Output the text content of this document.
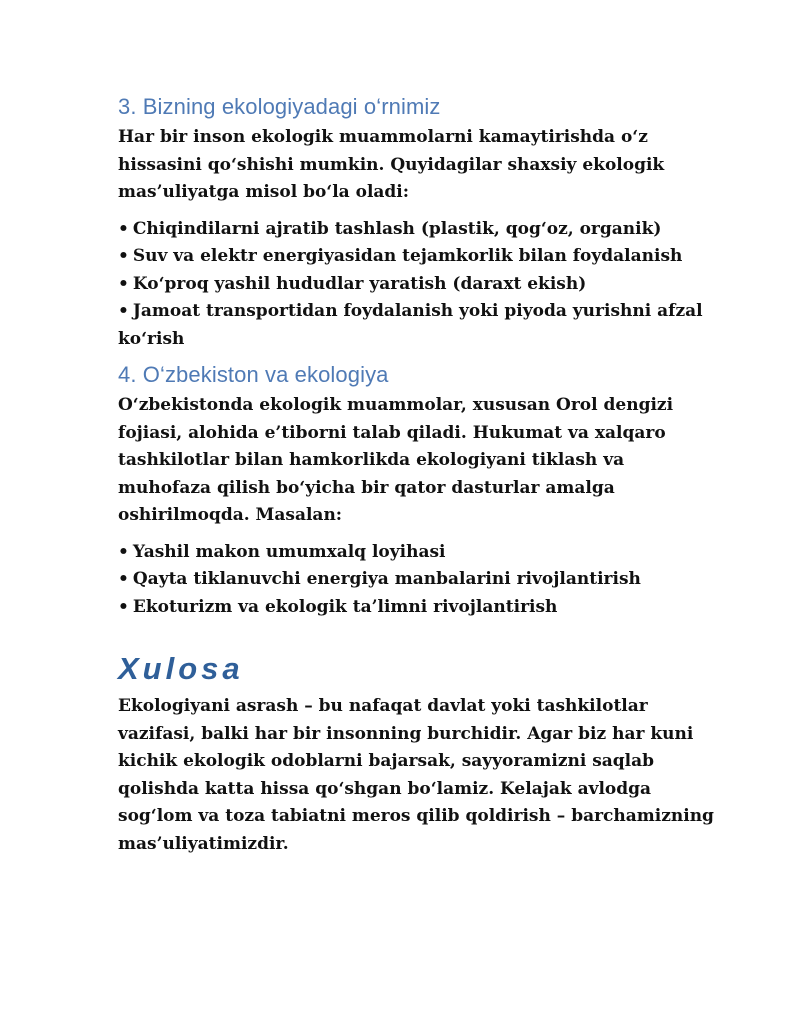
3. Bizning ekologiyadagi o‘rnimiz

Har bir inson ekologik muammolarni kamaytirishda o‘z hissasini qo‘shishi mumkin. Quyidagilar shaxsiy ekologik mas’uliyatga misol bo‘la oladi:

• Chiqindilarni ajratib tashlash (plastik, qog‘oz, organik)
• Suv va elektr energiyasidan tejamkorlik bilan foydalanish
• Ko‘proq yashil hududlar yaratish (daraxt ekish)
• Jamoat transportidan foydalanish yoki piyoda yurishni afzal ko‘rish
4. O‘zbekiston va ekologiya

O‘zbekistonda ekologik muammolar, xususan Orol dengizi fojiasi, alohida e’tiborni talab qiladi. Hukumat va xalqaro tashkilotlar bilan hamkorlikda ekologiyani tiklash va muhofaza qilish bo‘yicha bir qator dasturlar amalga oshirilmoqda. Masalan:

• Yashil makon umumxalq loyihasi
• Qayta tiklanuvchi energiya manbalarini rivojlantirish
• Ekoturizm va ekologik ta’limni rivojlantirish
Xulosa

Ekologiyani asrash – bu nafaqat davlat yoki tashkilotlar vazifasi, balki har bir insonning burchidir. Agar biz har kuni kichik ekologik odoblarni bajarsak, sayyoramizni saqlab qolishda katta hissa qo‘shgan bo‘lamiz. Kelajak avlodga sog‘lom va toza tabiatni meros qilib qoldirish – barchamizning mas’uliyatimizdir.
